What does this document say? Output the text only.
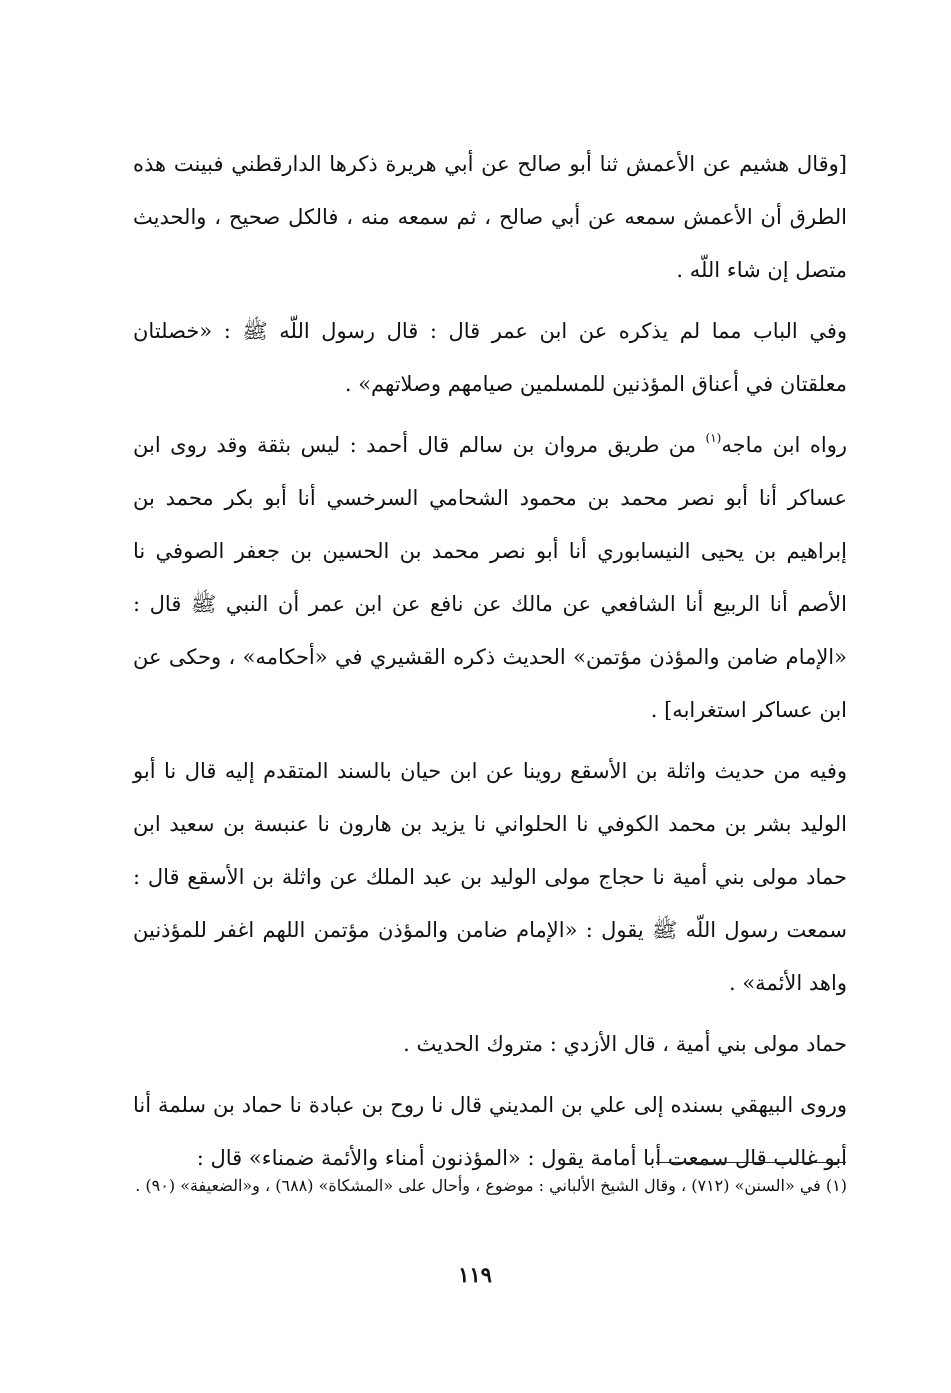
[وقال هشيم عن الأعمش ثنا أبو صالح عن أبي هريرة ذكرها الدارقطني فبينت هذه الطرق أن الأعمش سمعه عن أبي صالح ، ثم سمعه منه ، فالكل صحيح ، والحديث متصل إن شاء اللّه .

وفي الباب مما لم يذكره عن ابن عمر قال : قال رسول اللّه ﷺ : «خصلتان معلقتان في أعناق المؤذنين للمسلمين صيامهم وصلاتهم» .

رواه ابن ماجه$^{(١)}$ من طريق مروان بن سالم قال أحمد : ليس بثقة وقد روى ابن عساكر أنا أبو نصر محمد بن محمود الشحامي السرخسي أنا أبو بكر محمد بن إبراهيم بن يحيى النيسابوري أنا أبو نصر محمد بن الحسين بن جعفر الصوفي نا الأصم أنا الربيع أنا الشافعي عن مالك عن نافع عن ابن عمر أن النبي ﷺ قال : «الإمام ضامن والمؤذن مؤتمن» الحديث ذكره القشيري في «أحكامه» ، وحكى عن ابن عساكر استغرابه] .

وفيه من حديث واثلة بن الأسقع روينا عن ابن حيان بالسند المتقدم إليه قال نا أبو الوليد بشر بن محمد الكوفي نا الحلواني نا يزيد بن هارون نا عنبسة بن سعيد ابن حماد مولى بني أمية نا حجاج مولى الوليد بن عبد الملك عن واثلة بن الأسقع قال : سمعت رسول اللّه ﷺ يقول : «الإمام ضامن والمؤذن مؤتمن اللهم اغفر للمؤذنين واهد الأئمة» .

حماد مولى بني أمية ، قال الأزدي : متروك الحديث .

وروى البيهقي بسنده إلى علي بن المديني قال نا روح بن عبادة نا حماد بن سلمة أنا أبو غالب قال سمعت أبا أمامة يقول : «المؤذنون أمناء والأئمة ضمناء» قال :

(١) في «السنن» (٧١٢) ، وقال الشيخ الألباني : موضوع ، وأحال على «المشكاة» (٦٨٨) ، و«الضعيفة» (٩٠) .
١١٩
